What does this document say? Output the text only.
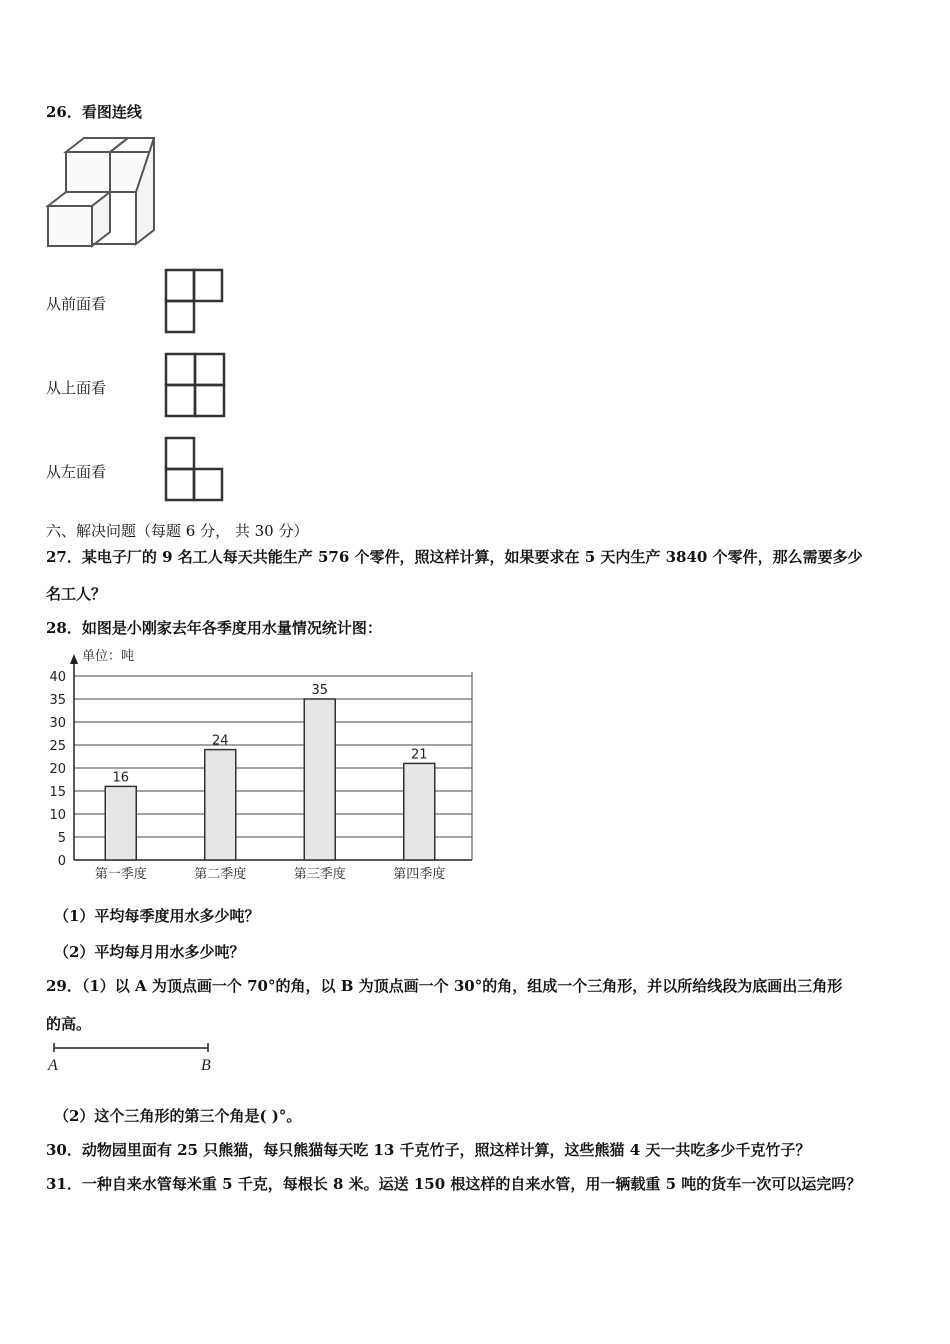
26．看图连线
从前面看
从上面看
从左面看
六、解决问题（每题 6 分， 共 30 分）
27．某电子厂的 9 名工人每天共能生产 576 个零件，照这样计算，如果要求在 5 天内生产 3840 个零件，那么需要多少
名工人？
28．如图是小刚家去年各季度用水量情况统计图：
0
5
10
15
20
25
30
35
40
单位：吨
16
第一季度
24
第二季度
35
第三季度
21
第四季度
（1）平均每季度用水多少吨？
（2）平均每月用水多少吨？
29．（1）以 A 为顶点画一个 70°的角，以 B 为顶点画一个 30°的角，组成一个三角形，并以所给线段为底画出三角形
的高。
A	B
（2）这个三角形的第三个角是( )°。
30．动物园里面有 25 只熊猫，每只熊猫每天吃 13 千克竹子，照这样计算，这些熊猫 4 天一共吃多少千克竹子？
31．一种自来水管每米重 5 千克，每根长 8 米。运送 150 根这样的自来水管，用一辆载重 5 吨的货车一次可以运完吗？
